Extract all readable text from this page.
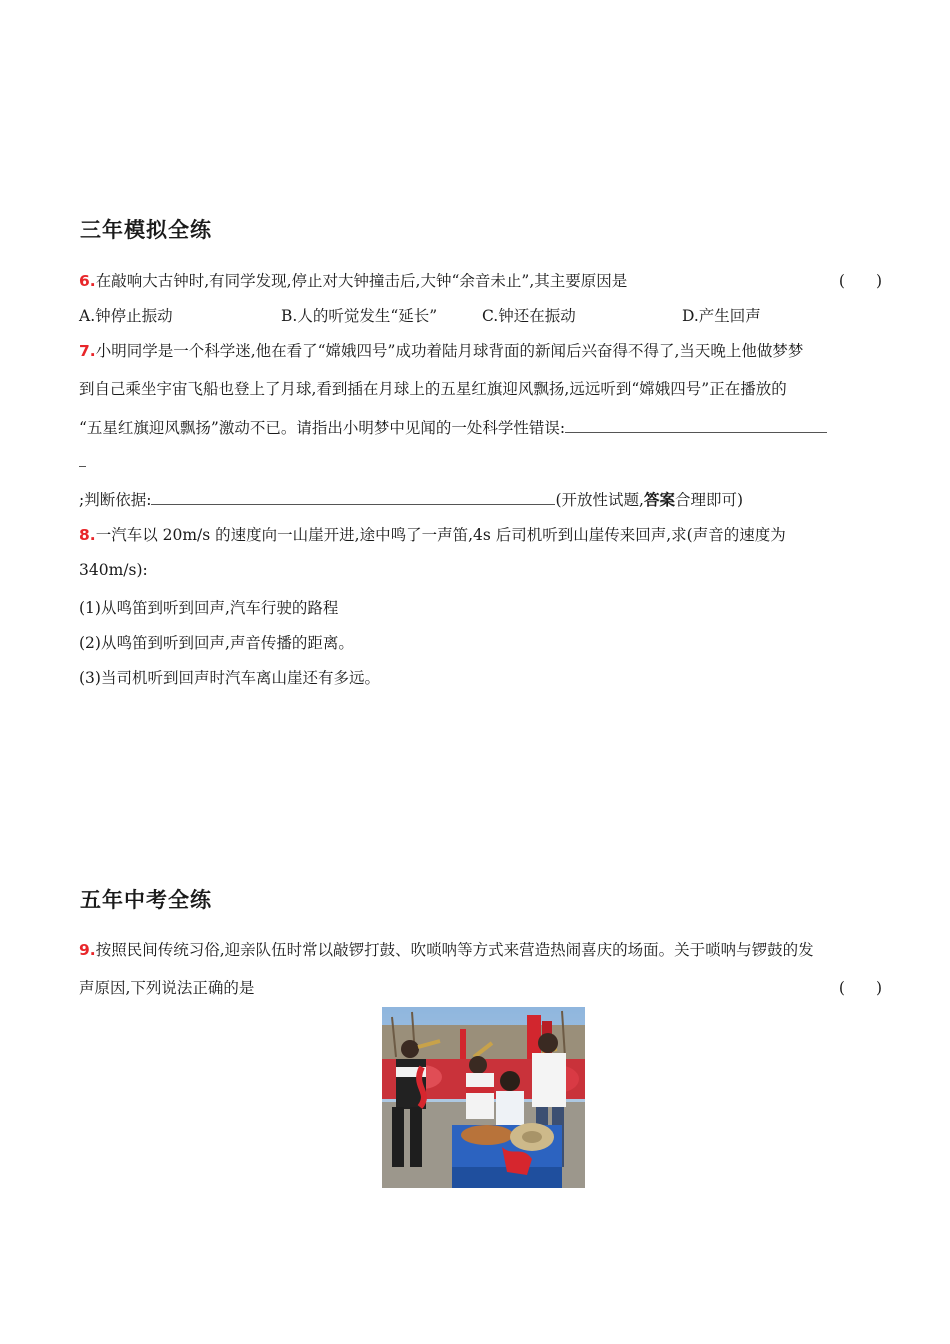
三年模拟全练
6.在敲响大古钟时,有同学发现,停止对大钟撞击后,大钟“余音未止”,其主要原因是	(　　)
A.钟停止振动	B.人的听觉发生“延长”	C.钟还在振动	D.产生回声
7.小明同学是一个科学迷,他在看了“嫦娥四号”成功着陆月球背面的新闻后兴奋得不得了,当天晚上他做梦梦
到自己乘坐宇宙飞船也登上了月球,看到插在月球上的五星红旗迎风飘扬,远远听到“嫦娥四号”正在播放的
“五星红旗迎风飘扬”激动不已。请指出小明梦中见闻的一处科学性错误:
;判断依据:	(开放性试题,答案合理即可)
8.一汽车以 20m/s 的速度向一山崖开进,途中鸣了一声笛,4s 后司机听到山崖传来回声,求(声音的速度为
340m/s):
(1)从鸣笛到听到回声,汽车行驶的路程
(2)从鸣笛到听到回声,声音传播的距离。
(3)当司机听到回声时汽车离山崖还有多远。
五年中考全练
9.按照民间传统习俗,迎亲队伍时常以敲锣打鼓、吹唢呐等方式来营造热闹喜庆的场面。关于唢呐与锣鼓的发
声原因,下列说法正确的是	(　　)
